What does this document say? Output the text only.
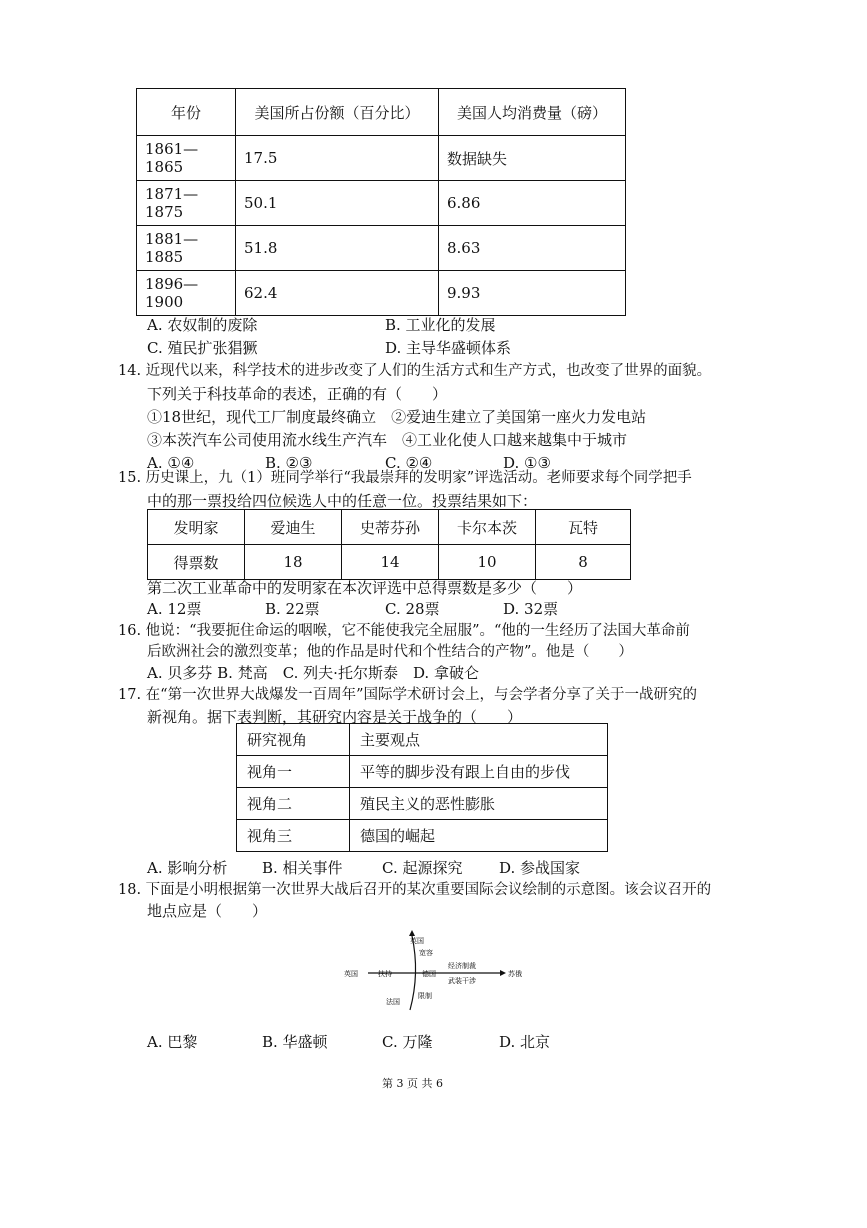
年份	美国所占份额（百分比）	美国人均消费量（磅）
1861—1865	17.5	数据缺失
1871—1875	50.1	6.86
1881—1885	51.8	8.63
1896—1900	62.4	9.93
A. 农奴制的废除	B. 工业化的发展
C. 殖民扩张猖獗	D. 主导华盛顿体系
14. 近现代以来，科学技术的进步改变了人们的生活方式和生产方式，也改变了世界的面貌。
下列关于科技革命的表述，正确的有（　　）
①18世纪，现代工厂制度最终确立　②爱迪生建立了美国第一座火力发电站
③本茨汽车公司使用流水线生产汽车　④工业化使人口越来越集中于城市
A. ①④	B. ②③	C. ②④	D. ①③
15. 历史课上，九（1）班同学举行“我最崇拜的发明家”评选活动。老师要求每个同学把手
中的那一票投给四位候选人中的任意一位。投票结果如下：
发明家	爱迪生	史蒂芬孙	卡尔本茨	瓦特
得票数	18	14	10	8
第二次工业革命中的发明家在本次评选中总得票数是多少（　　）
A. 12票	B. 22票	C. 28票	D. 32票
16. 他说：“我要扼住命运的咽喉，它不能使我完全屈服”。“他的一生经历了法国大革命前
后欧洲社会的激烈变革；他的作品是时代和个性结合的产物”。他是（　　）
A. 贝多芬 B. 梵高　C. 列夫·托尔斯泰　D. 拿破仑
17. 在“第一次世界大战爆发一百周年”国际学术研讨会上，与会学者分享了关于一战研究的
新视角。据下表判断，其研究内容是关于战争的（　　）
研究视角	主要观点
视角一	平等的脚步没有跟上自由的步伐
视角二	殖民主义的恶性膨胀
视角三	德国的崛起
A. 影响分析 B. 相关事件	C. 起源探究 D. 参战国家
18. 下面是小明根据第一次世界大战后召开的某次重要国际会议绘制的示意图。该会议召开的
地点应是（　　）
英国	扶持
英国
宽容
德国
限制
法国
经济制裁
武装干涉
苏俄
A. 巴黎	B. 华盛顿	C. 万隆	D. 北京
第 3 页 共 6
